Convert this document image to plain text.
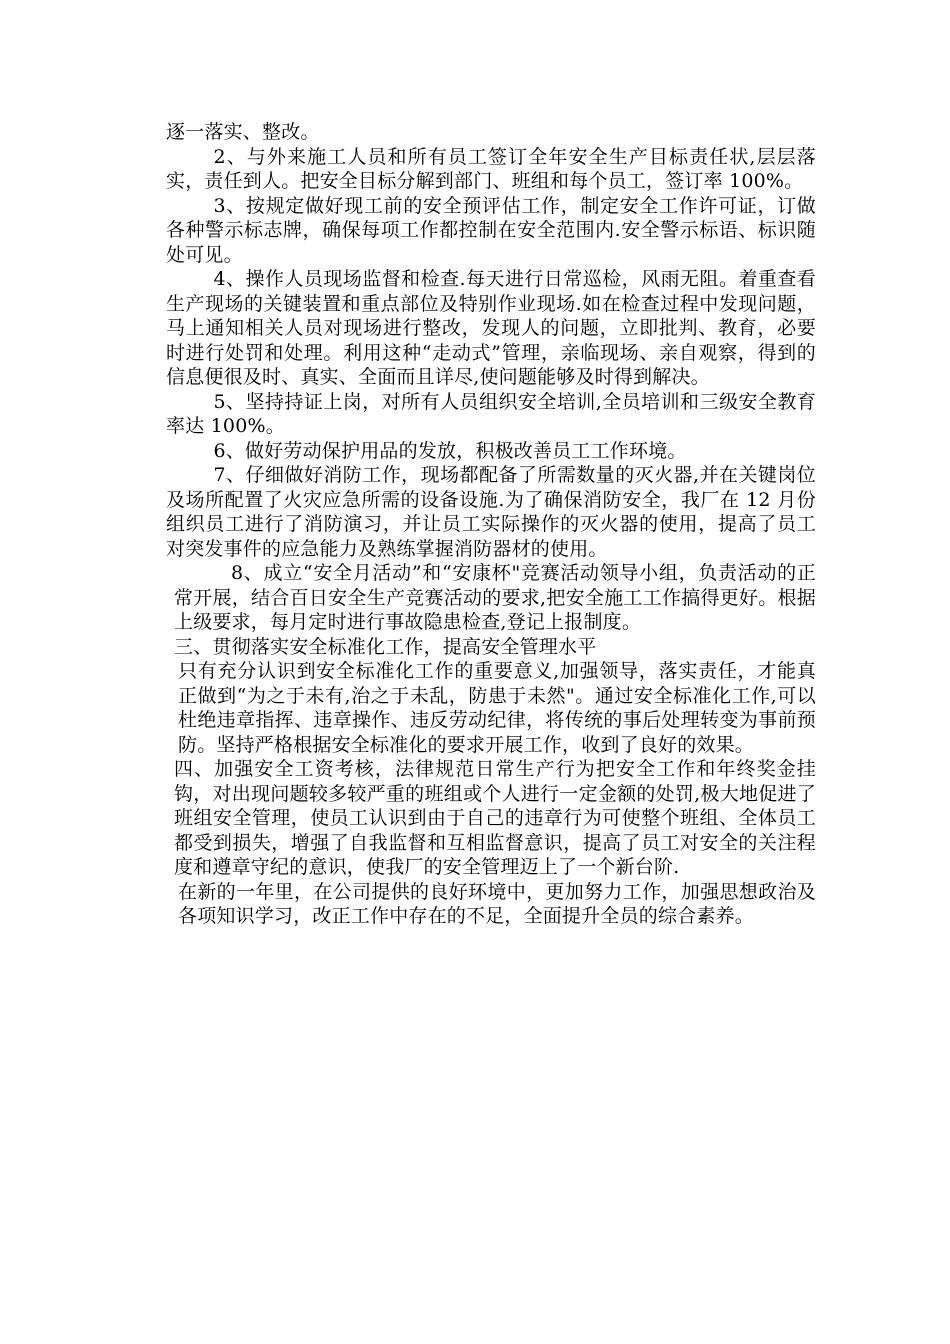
逐一落实、整改。

2、与外来施工人员和所有员工签订全年安全生产目标责任状,层层落实，责任到人。把安全目标分解到部门、班组和每个员工，签订率 100%。

3、按规定做好现工前的安全预评估工作，制定安全工作许可证，订做各种警示标志牌，确保每项工作都控制在安全范围内.安全警示标语、标识随处可见。

4、操作人员现场监督和检查.每天进行日常巡检，风雨无阻。着重查看生产现场的关键装置和重点部位及特别作业现场.如在检查过程中发现问题，马上通知相关人员对现场进行整改，发现人的问题，立即批判、教育，必要时进行处罚和处理。利用这种“走动式”管理，亲临现场、亲自观察，得到的信息便很及时、真实、全面而且详尽,使问题能够及时得到解决。

5、坚持持证上岗，对所有人员组织安全培训,全员培训和三级安全教育率达 100%。

6、做好劳动保护用品的发放，积极改善员工工作环境。

7、仔细做好消防工作，现场都配备了所需数量的灭火器,并在关键岗位及场所配置了火灾应急所需的设备设施.为了确保消防安全，我厂在 12 月份组织员工进行了消防演习，并让员工实际操作的灭火器的使用，提高了员工对突发事件的应急能力及熟练掌握消防器材的使用。

8、成立“安全月活动”和“安康杯"竞赛活动领导小组，负责活动的正常开展，结合百日安全生产竞赛活动的要求,把安全施工工作搞得更好。根据上级要求，每月定时进行事故隐患检查,登记上报制度。

三、贯彻落实安全标准化工作，提高安全管理水平

只有充分认识到安全标准化工作的重要意义,加强领导，落实责任，才能真正做到“为之于未有,治之于未乱，防患于未然"。通过安全标准化工作,可以杜绝违章指挥、违章操作、违反劳动纪律，将传统的事后处理转变为事前预防。坚持严格根据安全标准化的要求开展工作，收到了良好的效果。

四、加强安全工资考核，法律规范日常生产行为把安全工作和年终奖金挂钩，对出现问题较多较严重的班组或个人进行一定金额的处罚,极大地促进了班组安全管理，使员工认识到由于自己的违章行为可使整个班组、全体员工都受到损失，增强了自我监督和互相监督意识，提高了员工对安全的关注程度和遵章守纪的意识，使我厂的安全管理迈上了一个新台阶.

在新的一年里，在公司提供的良好环境中，更加努力工作，加强思想政治及各项知识学习，改正工作中存在的不足，全面提升全员的综合素养。
